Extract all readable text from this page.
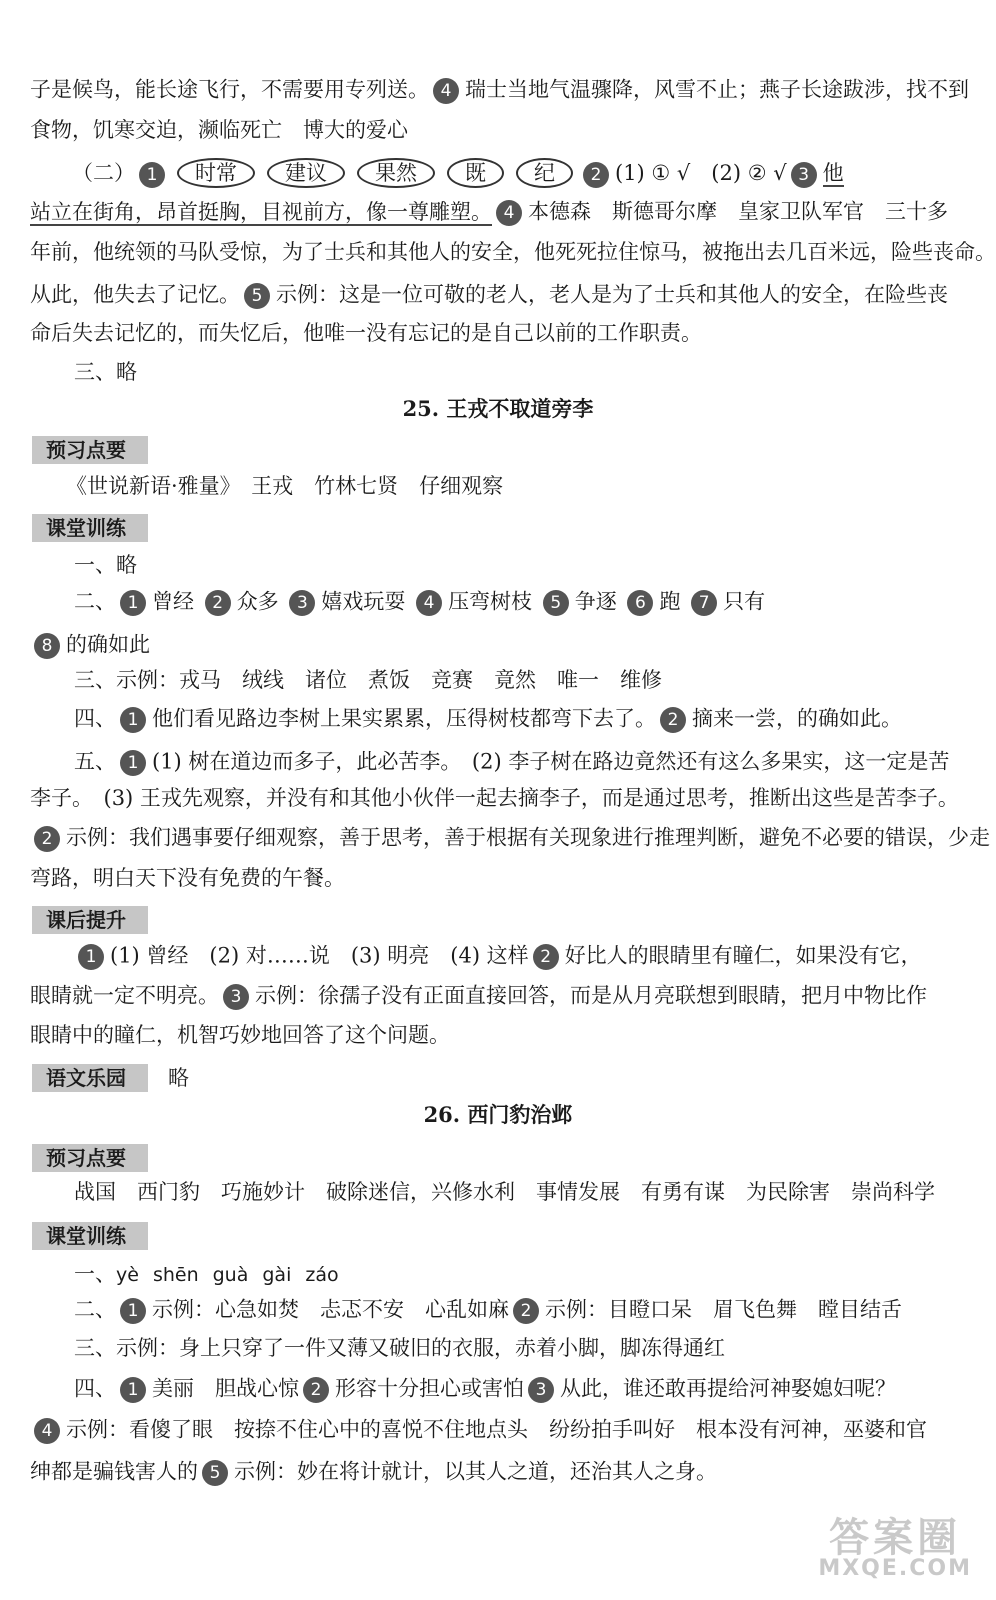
子是候鸟，能长途飞行，不需要用专列送。 4 瑞士当地气温骤降，风雪不止；燕子长途跋涉，找不到
食物，饥寒交迫，濒临死亡　博大的爱心
（二） 1 时常 建议 果然 既 纪 2 (1) ① √　(2) ② √ 3 他
站立在街角，昂首挺胸，目视前方，像一尊雕塑。 4 本德森　斯德哥尔摩　皇家卫队军官　三十多
年前，他统领的马队受惊，为了士兵和其他人的安全，他死死拉住惊马，被拖出去几百米远，险些丧命。
从此，他失去了记忆。 5 示例：这是一位可敬的老人，老人是为了士兵和其他人的安全，在险些丧
命后失去记忆的，而失忆后，他唯一没有忘记的是自己以前的工作职责。
三、略
25. 王戎不取道旁李
预习点要
《世说新语·雅量》　王戎　竹林七贤　仔细观察
课堂训练
一、略
二、 1 曾经 2 众多 3 嬉戏玩耍 4 压弯树枝 5 争逐 6 跑 7 只有
8 的确如此
三、示例：戎马　绒线　诸位　煮饭　竞赛　竟然　唯一　维修
四、 1 他们看见路边李树上果实累累，压得树枝都弯下去了。 2 摘来一尝，的确如此。
五、 1 (1) 树在道边而多子，此必苦李。　(2) 李子树在路边竟然还有这么多果实，这一定是苦
李子。　(3) 王戎先观察，并没有和其他小伙伴一起去摘李子，而是通过思考，推断出这些是苦李子。
2 示例：我们遇事要仔细观察，善于思考，善于根据有关现象进行推理判断，避免不必要的错误，少走
弯路，明白天下没有免费的午餐。
课后提升
1 (1) 曾经　(2) 对……说　(3) 明亮　(4) 这样 2 好比人的眼睛里有瞳仁，如果没有它，
眼睛就一定不明亮。 3 示例：徐孺子没有正面直接回答，而是从月亮联想到眼睛，把月中物比作
眼睛中的瞳仁，机智巧妙地回答了这个问题。
语文乐园	略
26. 西门豹治邺
预习点要
战国　西门豹　巧施妙计　破除迷信，兴修水利　事情发展　有勇有谋　为民除害　崇尚科学
课堂训练
一、yè shēn guà gài záo
二、 1 示例：心急如焚　忐忑不安　心乱如麻 2 示例：目瞪口呆　眉飞色舞　瞠目结舌
三、示例：身上只穿了一件又薄又破旧的衣服，赤着小脚，脚冻得通红
四、 1 美丽　胆战心惊 2 形容十分担心或害怕 3 从此，谁还敢再提给河神娶媳妇呢？
4 示例：看傻了眼　按捺不住心中的喜悦不住地点头　纷纷拍手叫好　根本没有河神，巫婆和官
绅都是骗钱害人的 5 示例：妙在将计就计，以其人之道，还治其人之身。
答案圈
MXQE.COM
